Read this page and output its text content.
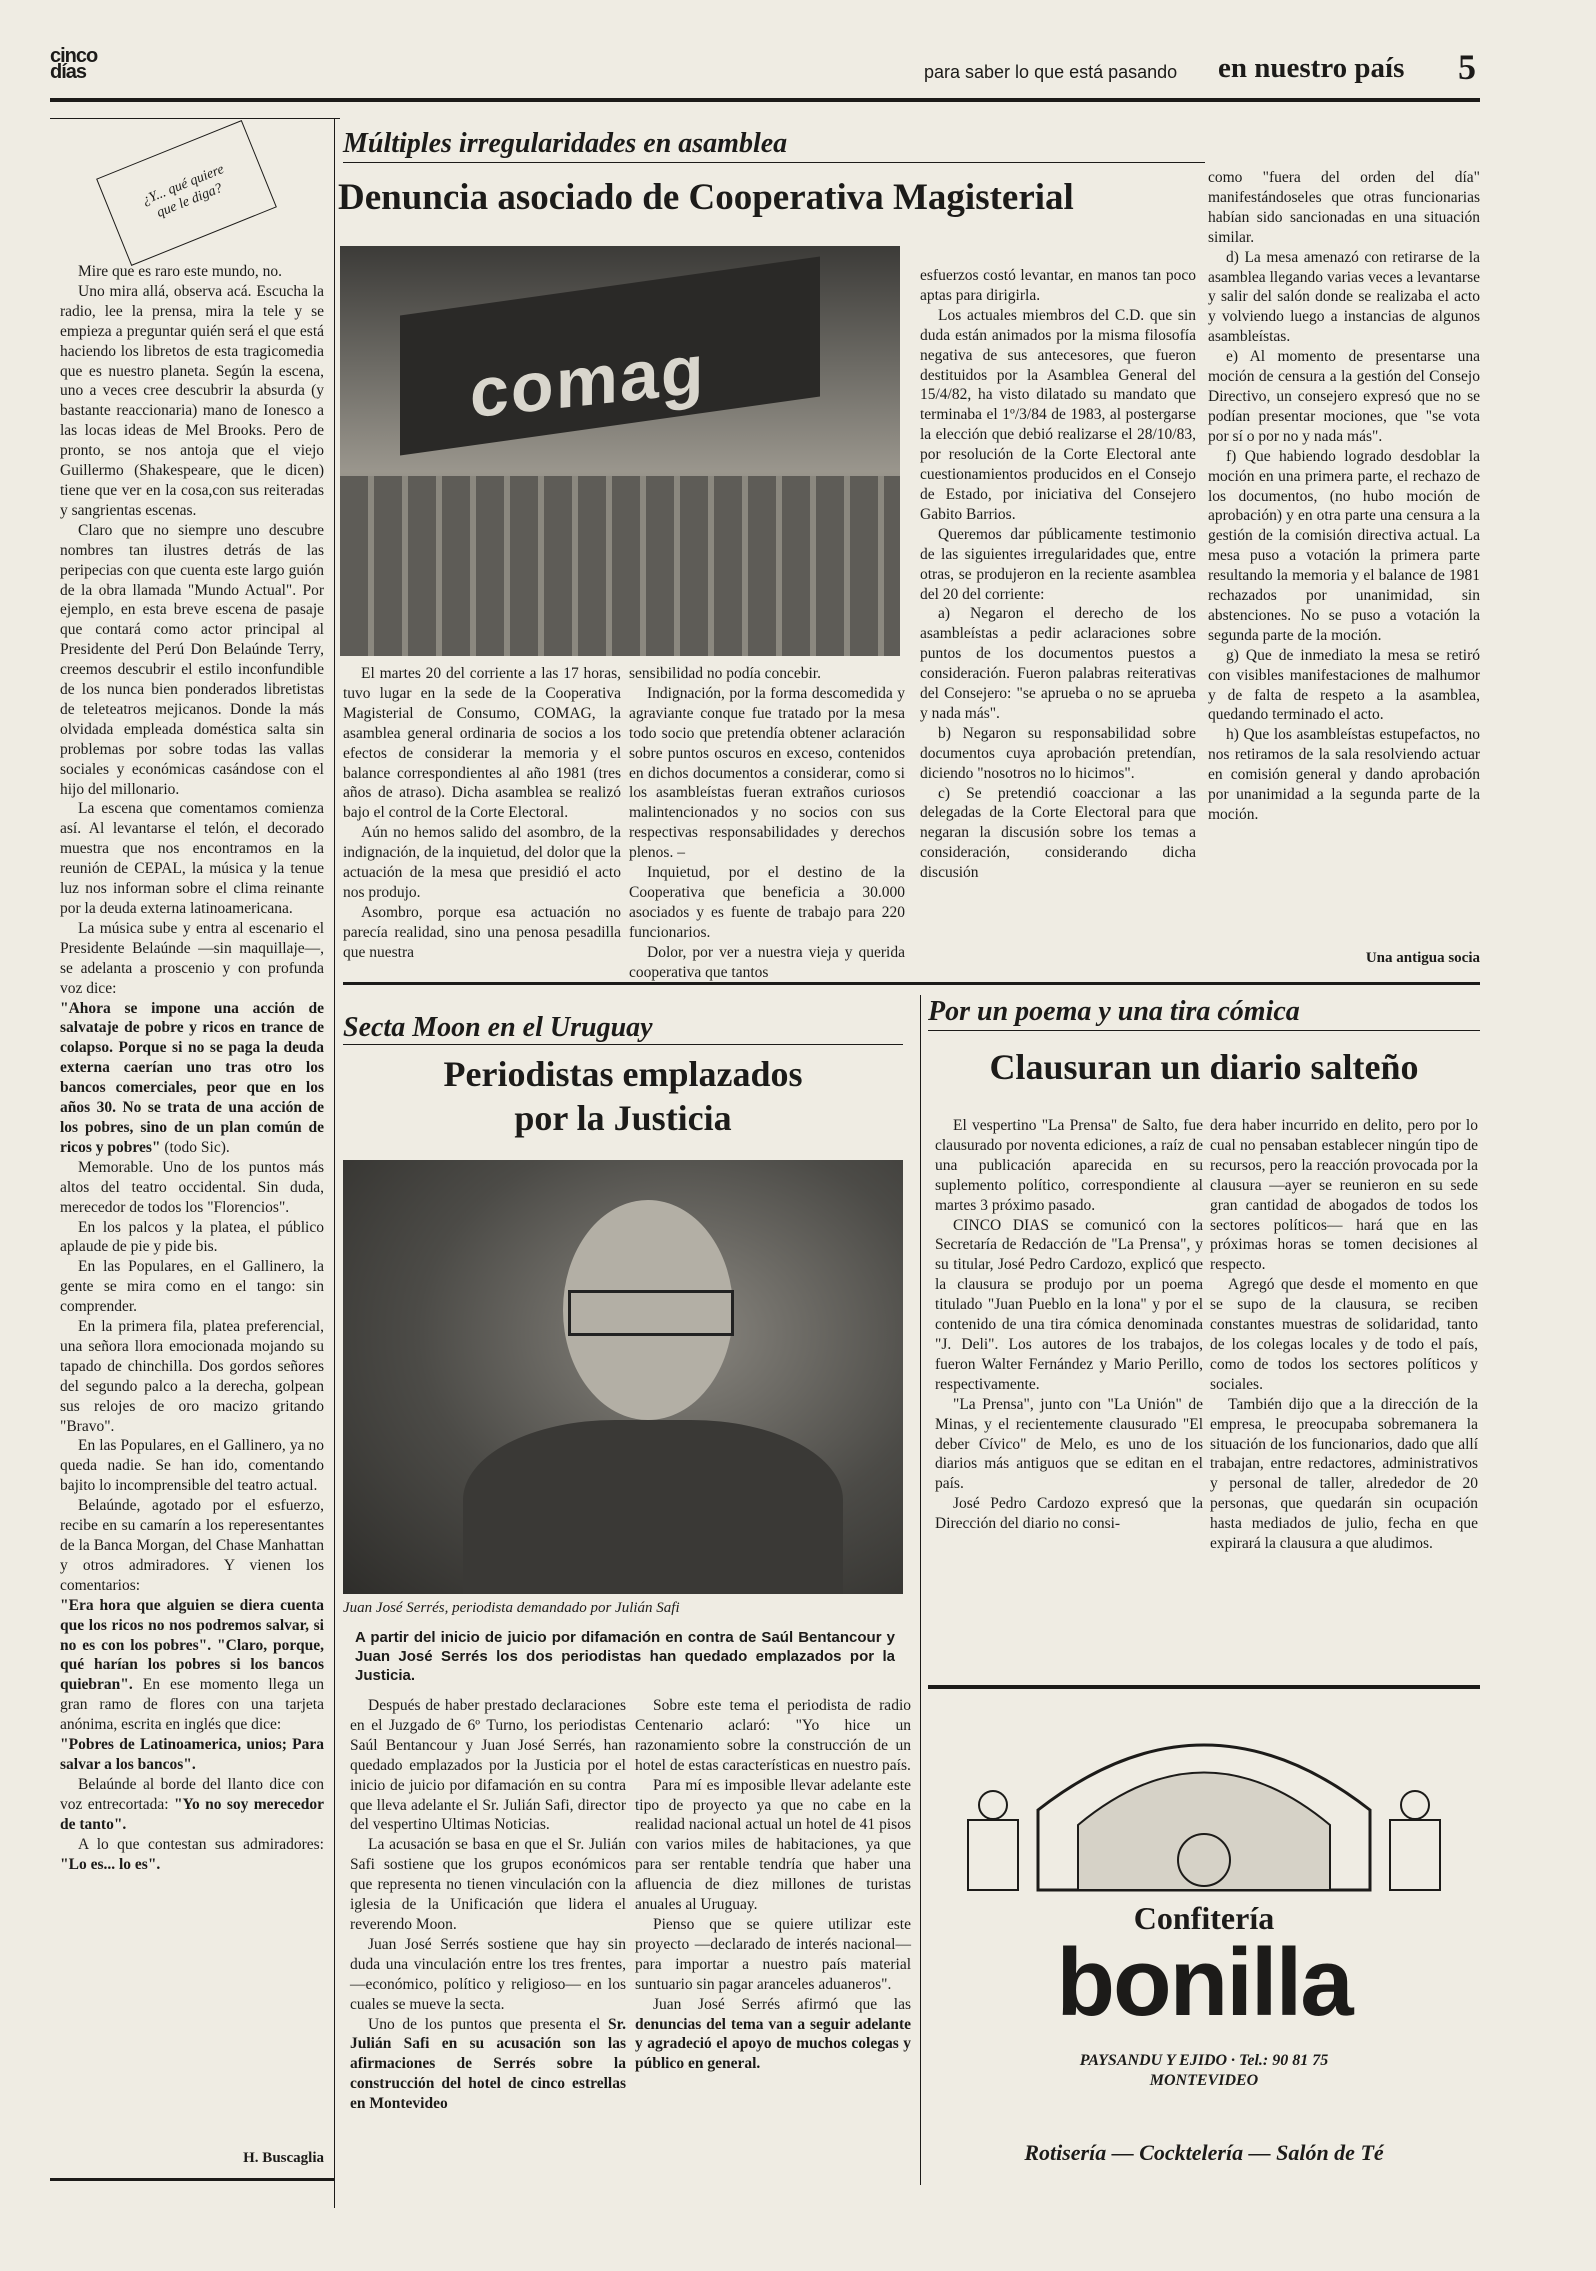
cinco
días	para saber lo que está pasando en nuestro país 5
¿Y... qué quiere que le diga?

Mire que es raro este mundo, no.

Uno mira allá, observa acá. Escucha la radio, lee la prensa, mira la tele y se empieza a preguntar quién será el que está haciendo los libretos de esta tragicomedia que es nuestro planeta. Según la escena, uno a veces cree descubrir la absurda (y bastante reaccionaria) mano de Ionesco a las locas ideas de Mel Brooks. Pero de pronto, se nos antoja que el viejo Guillermo (Shakespeare, que le dicen) tiene que ver en la cosa,con sus reiteradas y sangrientas escenas.

Claro que no siempre uno descubre nombres tan ilustres detrás de las peripecias con que cuenta este largo guión de la obra llamada "Mundo Actual". Por ejemplo, en esta breve escena de pasaje que contará como actor principal al Presidente del Perú Don Belaúnde Terry, creemos descubrir el estilo inconfundible de los nunca bien ponderados libretistas de teleteatros mejicanos. Donde la más olvidada empleada doméstica salta sin problemas por sobre todas las vallas sociales y económicas casándose con el hijo del millonario.

La escena que comentamos comienza así. Al levantarse el telón, el decorado muestra que nos encontramos en la reunión de CEPAL, la música y la tenue luz nos informan sobre el clima reinante por la deuda externa latinoamericana.

La música sube y entra al escenario el Presidente Belaúnde —sin maquillaje—, se adelanta a proscenio y con profunda voz dice:

"Ahora se impone una acción de salvataje de pobre y ricos en trance de colapso. Porque si no se paga la deuda externa caerían uno tras otro los bancos comerciales, peor que en los años 30. No se trata de una acción de los pobres, sino de un plan común de ricos y pobres" (todo Sic).

Memorable. Uno de los puntos más altos del teatro occidental. Sin duda, merecedor de todos los "Florencios".

En los palcos y la platea, el público aplaude de pie y pide bis.

En las Populares, en el Gallinero, la gente se mira como en el tango: sin comprender.

En la primera fila, platea preferencial, una señora llora emocionada mojando su tapado de chinchilla. Dos gordos señores del segundo palco a la derecha, golpean sus relojes de oro macizo gritando "Bravo".

En las Populares, en el Gallinero, ya no queda nadie. Se han ido, comentando bajito lo incomprensible del teatro actual.

Belaúnde, agotado por el esfuerzo, recibe en su camarín a los reperesentantes de la Banca Morgan, del Chase Manhattan y otros admiradores. Y vienen los comentarios:

"Era hora que alguien se diera cuenta que los ricos no nos podremos salvar, si no es con los pobres". "Claro, porque, qué harían los pobres si los bancos quiebran". En ese momento llega un gran ramo de flores con una tarjeta anónima, escrita en inglés que dice:

"Pobres de Latinoamerica, unios; Para salvar a los bancos".

Belaúnde al borde del llanto dice con voz entrecortada: "Yo no soy merecedor de tanto".

A lo que contestan sus admiradores: "Lo es... lo es".

H. Buscaglia
Múltiples irregularidades en asamblea
Denuncia asociado de Cooperativa Magisterial
comag

El martes 20 del corriente a las 17 horas, tuvo lugar en la sede de la Cooperativa Magisterial de Consumo, COMAG, la asamblea general ordinaria de socios a los efectos de considerar la memoria y el balance correspondientes al año 1981 (tres años de atraso). Dicha asamblea se realizó bajo el control de la Corte Electoral.

Aún no hemos salido del asombro, de la indignación, de la inquietud, del dolor que la actuación de la mesa que presidió el acto nos produjo.

Asombro, porque esa actuación no parecía realidad, sino una penosa pesadilla que nuestra

sensibilidad no podía concebir.

Indignación, por la forma descomedida y agraviante conque fue tratado por la mesa todo socio que pretendía obtener aclaración sobre puntos oscuros en exceso, contenidos en dichos documentos a considerar, como si los asambleístas fueran extraños curiosos malintencionados y no socios con sus respectivas responsabilidades y derechos plenos. –

Inquietud, por el destino de la Cooperativa que beneficia a 30.000 asociados y es fuente de trabajo para 220 funcionarios.

Dolor, por ver a nuestra vieja y querida cooperativa que tantos

esfuerzos costó levantar, en manos tan poco aptas para dirigirla.

Los actuales miembros del C.D. que sin duda están animados por la misma filosofía negativa de sus antecesores, que fueron destituidos por la Asamblea General del 15/4/82, ha visto dilatado su mandato que terminaba el 1º/3/84 de 1983, al postergarse la elección que debió realizarse el 28/10/83, por resolución de la Corte Electoral ante cuestionamientos producidos en el Consejo de Estado, por iniciativa del Consejero Gabito Barrios.

Queremos dar públicamente testimonio de las siguientes irregularidades que, entre otras, se produjeron en la reciente asamblea del 20 del corriente:

a) Negaron el derecho de los asambleístas a pedir aclaraciones sobre puntos de los documentos puestos a consideración. Fueron palabras reiterativas del Consejero: "se aprueba o no se aprueba y nada más".

b) Negaron su responsabilidad sobre documentos cuya aprobación pretendían, diciendo "nosotros no lo hicimos".

c) Se pretendió coaccionar a las delegadas de la Corte Electoral para que negaran la discusión sobre los temas a consideración, considerando dicha discusión

como "fuera del orden del día" manifestándoseles que otras funcionarias habían sido sancionadas en una situación similar.

d) La mesa amenazó con retirarse de la asamblea llegando varias veces a levantarse y salir del salón donde se realizaba el acto y volviendo luego a instancias de algunos asambleístas.

e) Al momento de presentarse una moción de censura a la gestión del Consejo Directivo, un consejero expresó que no se podían presentar mociones, que "se vota por sí o por no y nada más".

f) Que habiendo logrado desdoblar la moción en una primera parte, el rechazo de los documentos, (no hubo moción de aprobación) y en otra parte una censura a la gestión de la comisión directiva actual. La mesa puso a votación la primera parte resultando la memoria y el balance de 1981 rechazados por unanimidad, sin abstenciones. No se puso a votación la segunda parte de la moción.

g) Que de inmediato la mesa se retiró con visibles manifestaciones de malhumor y de falta de respeto a la asamblea, quedando terminado el acto.

h) Que los asambleístas estupefactos, no nos retiramos de la sala resolviendo actuar en comisión general y dando aprobación por unanimidad a la segunda parte de la moción.

Una antigua socia
Secta Moon en el Uruguay
Periodistas emplazados
por la Justicia
Juan José Serrés, periodista demandado por Julián Safi
A partir del inicio de juicio por difamación en contra de Saúl Bentancour y Juan José Serrés los dos periodistas han quedado emplazados por la Justicia.

Después de haber prestado declaraciones en el Juzgado de 6º Turno, los periodistas Saúl Bentancour y Juan José Serrés, han quedado emplazados por la Justicia por el inicio de juicio por difamación en su contra que lleva adelante el Sr. Julián Safi, director del vespertino Ultimas Noticias.

La acusación se basa en que el Sr. Julián Safi sostiene que los grupos económicos que representa no tienen vinculación con la iglesia de la Unificación que lidera el reverendo Moon.

Juan José Serrés sostiene que hay sin duda una vinculación entre los tres frentes, —económico, político y religioso— en los cuales se mueve la secta.

Uno de los puntos que presenta el Sr. Julián Safi en su acusación son las afirmaciones de Serrés sobre la construcción del hotel de cinco estrellas en Montevideo

Sobre este tema el periodista de radio Centenario aclaró: "Yo hice un razonamiento sobre la construcción de un hotel de estas características en nuestro país.

Para mí es imposible llevar adelante este tipo de proyecto ya que no cabe en la realidad nacional actual un hotel de 41 pisos con varios miles de habitaciones, ya que para ser rentable tendría que haber una afluencia de diez millones de turistas anuales al Uruguay.

Pienso que se quiere utilizar este proyecto —declarado de interés nacional— para importar a nuestro país material suntuario sin pagar aranceles aduaneros".

Juan José Serrés afirmó que las denuncias del tema van a seguir adelante y agradeció el apoyo de muchos colegas y público en general.

Por un poema y una tira cómica
Clausuran un diario salteño

El vespertino "La Prensa" de Salto, fue clausurado por noventa ediciones, a raíz de una publicación aparecida en su suplemento político, correspondiente al martes 3 próximo pasado.

CINCO DIAS se comunicó con la Secretaría de Redacción de "La Prensa", y su titular, José Pedro Cardozo, explicó que la clausura se produjo por un poema titulado "Juan Pueblo en la lona" y por el contenido de una tira cómica denominada "J. Deli". Los autores de los trabajos, fueron Walter Fernández y Mario Perillo, respectivamente.

"La Prensa", junto con "La Unión" de Minas, y el recientemente clausurado "El deber Cívico" de Melo, es uno de los diarios más antiguos que se editan en el país.

José Pedro Cardozo expresó que la Dirección del diario no consi-

dera haber incurrido en delito, pero por lo cual no pensaban establecer ningún tipo de recursos, pero la reacción provocada por la clausura —ayer se reunieron en su sede gran cantidad de abogados de todos los sectores políticos— hará que en las próximas horas se tomen decisiones al respecto.

Agregó que desde el momento en que se supo de la clausura, se reciben constantes muestras de solidaridad, tanto de los colegas locales y de todo el país, como de todos los sectores políticos y sociales.

También dijo que a la dirección de la empresa, le preocupaba sobremanera la situación de los funcionarios, dado que allí trabajan, entre redactores, administrativos y personal de taller, alrededor de 20 personas, que quedarán sin ocupación hasta mediados de julio, fecha en que expirará la clausura a que aludimos.

Confitería
bonilla
PAYSANDU Y EJIDO · Tel.: 90 81 75
MONTEVIDEO
Rotisería — Cocktelería — Salón de Té
